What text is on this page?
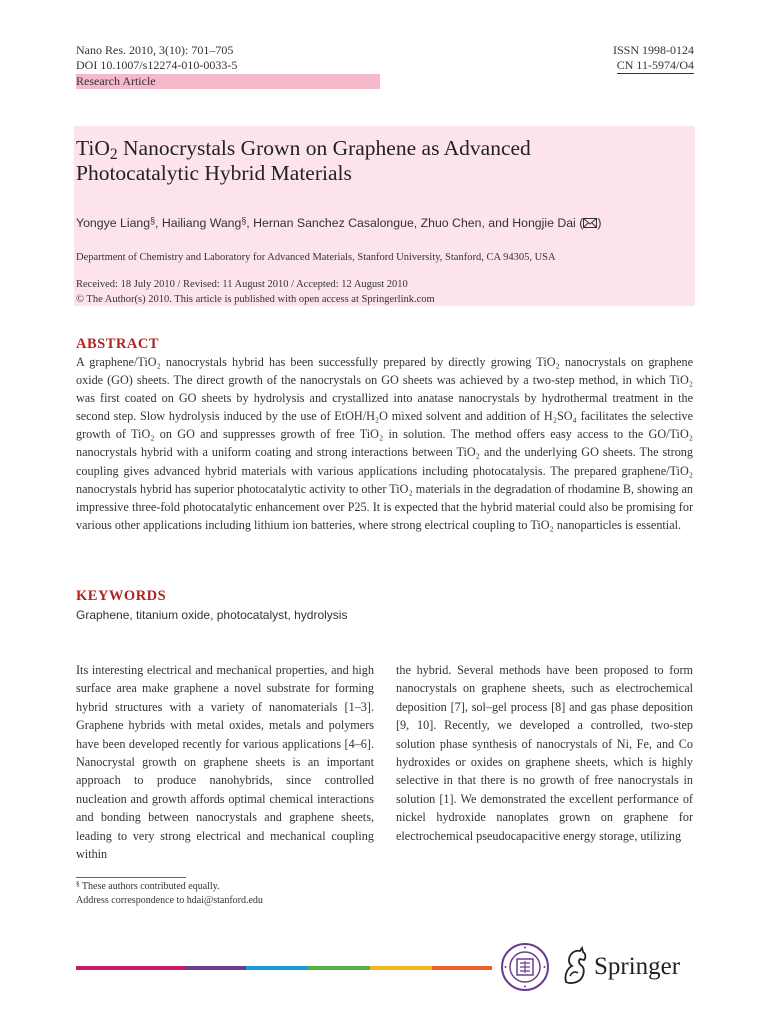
Nano Res. 2010, 3(10): 701–705
DOI 10.1007/s12274-010-0033-5
Research Article
ISSN 1998-0124
CN 11-5974/O4
TiO$_2$ Nanocrystals Grown on Graphene as Advanced
Photocatalytic Hybrid Materials
Yongye Liang§, Hailiang Wang§, Hernan Sanchez Casalongue, Zhuo Chen, and Hongjie Dai ( )
Department of Chemistry and Laboratory for Advanced Materials, Stanford University, Stanford, CA 94305, USA
Received: 18 July 2010 / Revised: 11 August 2010 / Accepted: 12 August 2010
© The Author(s) 2010. This article is published with open access at Springerlink.com
ABSTRACT
A graphene/TiO₂ nanocrystals hybrid has been successfully prepared by directly growing TiO₂ nanocrystals on graphene oxide (GO) sheets. The direct growth of the nanocrystals on GO sheets was achieved by a two-step method, in which TiO₂ was first coated on GO sheets by hydrolysis and crystallized into anatase nanocrystals by hydrothermal treatment in the second step. Slow hydrolysis induced by the use of EtOH/H₂O mixed solvent and addition of H₂SO₄ facilitates the selective growth of TiO₂ on GO and suppresses growth of free TiO₂ in solution. The method offers easy access to the GO/TiO₂ nanocrystals hybrid with a uniform coating and strong interactions between TiO₂ and the underlying GO sheets. The strong coupling gives advanced hybrid materials with various applications including photocatalysis. The prepared graphene/TiO₂ nanocrystals hybrid has superior photocatalytic activity to other TiO₂ materials in the degradation of rhodamine B, showing an impressive three-fold photocatalytic enhancement over P25. It is expected that the hybrid material could also be promising for various other applications including lithium ion batteries, where strong electrical coupling to TiO₂ nanoparticles is essential.
KEYWORDS
Graphene, titanium oxide, photocatalyst, hydrolysis
Its interesting electrical and mechanical properties, and high surface area make graphene a novel substrate for forming hybrid structures with a variety of nanomaterials [1–3]. Graphene hybrids with metal oxides, metals and polymers have been developed recently for various applications [4–6]. Nanocrystal growth on graphene sheets is an important approach to produce nanohybrids, since controlled nucleation and growth affords optimal chemical interactions and bonding between nanocrystals and graphene sheets, leading to very strong electrical and mechanical coupling within
the hybrid. Several methods have been proposed to form nanocrystals on graphene sheets, such as electrochemical deposition [7], sol–gel process [8] and gas phase deposition [9, 10]. Recently, we developed a controlled, two-step solution phase synthesis of nanocrystals of Ni, Fe, and Co hydroxides or oxides on graphene sheets, which is highly selective in that there is no growth of free nanocrystals in solution [1]. We demonstrated the excellent performance of nickel hydroxide nanoplates grown on graphene for electrochemical pseudocapacitive energy storage, utilizing
§ These authors contributed equally.
Address correspondence to hdai@stanford.edu
Springer
